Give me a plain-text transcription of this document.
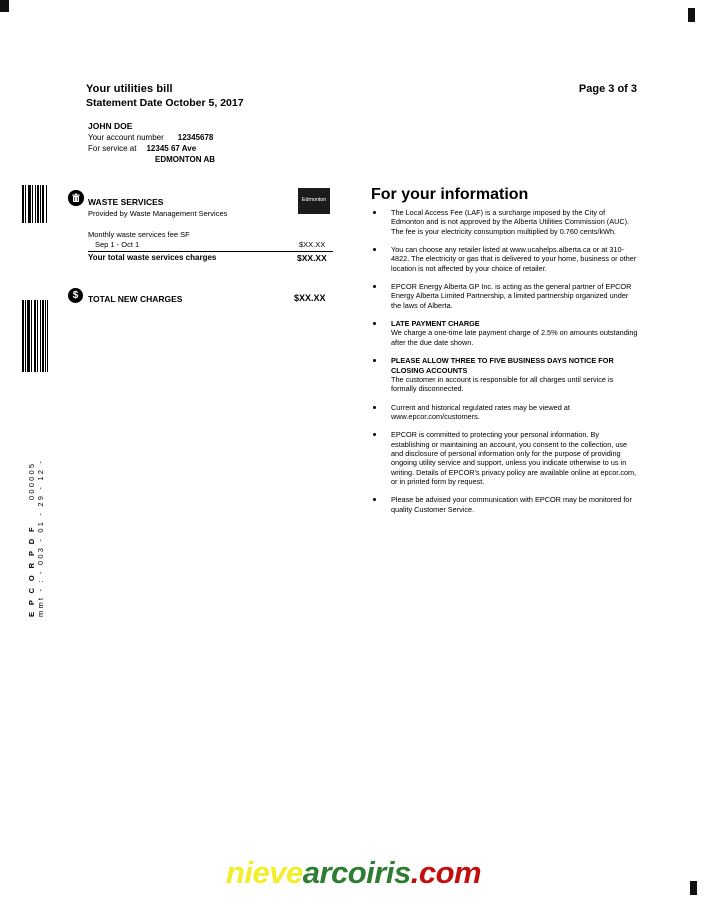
000005 mmt - : - 003 - 01 - 29 - 12 -
E P C O R P D F
Your utilities bill
Statement Date October 5, 2017
Page 3 of 3
JOHN DOE
Your account number 12345678
For service at 12345 67 Ave
EDMONTON AB
WASTE SERVICES
Provided by Waste Management Services
Edmonton
Monthly waste services fee SF
Sep 1 - Oct 1	$XX.XX
Your total waste services charges	$XX.XX
$	TOTAL NEW CHARGES	$XX.XX
For your information
The Local Access Fee (LAF) is a surcharge imposed by the City of Edmonton and is not approved by the Alberta Utilities Commission (AUC). The fee is your electricity consumption multiplied by 0.760 cents/kWh.
You can choose any retailer listed at www.ucahelps.alberta.ca or at 310-4822. The electricity or gas that is delivered to your home, business or other location is not affected by your choice of retailer.
EPCOR Energy Alberta GP Inc. is acting as the general partner of EPCOR Energy Alberta Limited Partnership, a limited partnership organized under the laws of Alberta.
LATE PAYMENT CHARGE
We charge a one-time late payment charge of 2.5% on amounts outstanding after the due date shown.
PLEASE ALLOW THREE TO FIVE BUSINESS DAYS NOTICE FOR CLOSING ACCOUNTS
The customer in account is responsible for all charges until service is formally disconnected.
Current and historical regulated rates may be viewed at www.epcor.com/customers.
EPCOR is committed to protecting your personal information. By establishing or maintaining an account, you consent to the collection, use and disclosure of personal information only for the purpose of providing ongoing utility service and support, unless you indicate otherwise to us in writing. Details of EPCOR's privacy policy are available online at epcor.com, or in printed form by request.
Please be advised your communication with EPCOR may be monitored for quality Customer Service.
nievearcoiris.com
